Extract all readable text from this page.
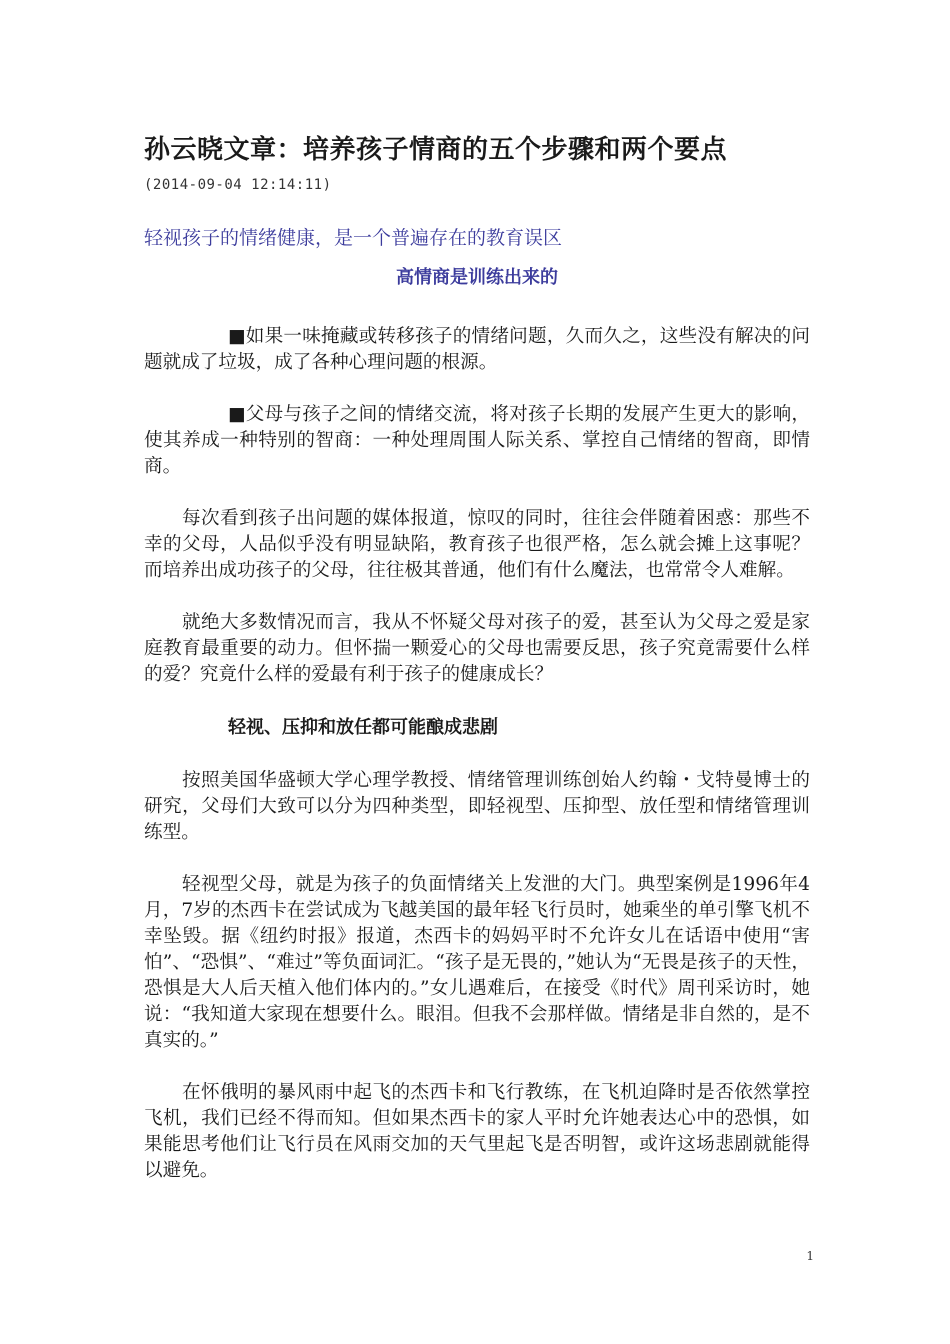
孙云晓文章：培养孩子情商的五个步骤和两个要点
(2014-09-04 12:14:11)
轻视孩子的情绪健康，是一个普遍存在的教育误区
高情商是训练出来的

■如果一味掩藏或转移孩子的情绪问题，久而久之，这些没有解决的问题就成了垃圾，成了各种心理问题的根源。

■父母与孩子之间的情绪交流，将对孩子长期的发展产生更大的影响，使其养成一种特别的智商：一种处理周围人际关系、掌控自己情绪的智商，即情商。

每次看到孩子出问题的媒体报道，惊叹的同时，往往会伴随着困惑：那些不幸的父母，人品似乎没有明显缺陷，教育孩子也很严格，怎么就会摊上这事呢？而培养出成功孩子的父母，往往极其普通，他们有什么魔法，也常常令人难解。

就绝大多数情况而言，我从不怀疑父母对孩子的爱，甚至认为父母之爱是家庭教育最重要的动力。但怀揣一颗爱心的父母也需要反思，孩子究竟需要什么样的爱？究竟什么样的爱最有利于孩子的健康成长？

轻视、压抑和放任都可能酿成悲剧

按照美国华盛顿大学心理学教授、情绪管理训练创始人约翰・戈特曼博士的研究，父母们大致可以分为四种类型，即轻视型、压抑型、放任型和情绪管理训练型。

轻视型父母，就是为孩子的负面情绪关上发泄的大门。典型案例是1996年4月，7岁的杰西卡在尝试成为飞越美国的最年轻飞行员时，她乘坐的单引擎飞机不幸坠毁。据《纽约时报》报道，杰西卡的妈妈平时不允许女儿在话语中使用“害怕”、“恐惧”、“难过”等负面词汇。“孩子是无畏的，”她认为“无畏是孩子的天性，恐惧是大人后天植入他们体内的。”女儿遇难后，在接受《时代》周刊采访时，她说：“我知道大家现在想要什么。眼泪。但我不会那样做。情绪是非自然的，是不真实的。”

在怀俄明的暴风雨中起飞的杰西卡和飞行教练，在飞机迫降时是否依然掌控飞机，我们已经不得而知。但如果杰西卡的家人平时允许她表达心中的恐惧，如果能思考他们让飞行员在风雨交加的天气里起飞是否明智，或许这场悲剧就能得以避免。

1
